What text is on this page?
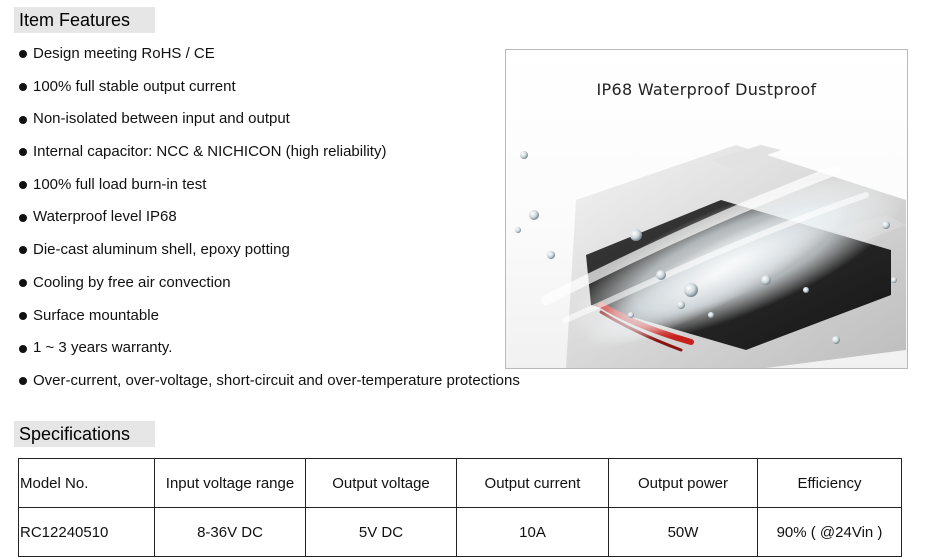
Item Features
Design meeting RoHS / CE
100% full stable output current
Non-isolated between input and output
Internal capacitor: NCC & NICHICON (high reliability)
100% full load burn-in test
Waterproof level IP68
Die-cast aluminum shell, epoxy potting
Cooling by free air convection
Surface mountable
1 ~ 3 years warranty.
Over-current, over-voltage, short-circuit and over-temperature protections
IP68 Waterproof Dustproof
Specifications
Model No.	Input voltage range	Output voltage	Output current	Output power	Efficiency
RC12240510	8-36V DC	5V DC	10A	50W	90% ( @24Vin )
